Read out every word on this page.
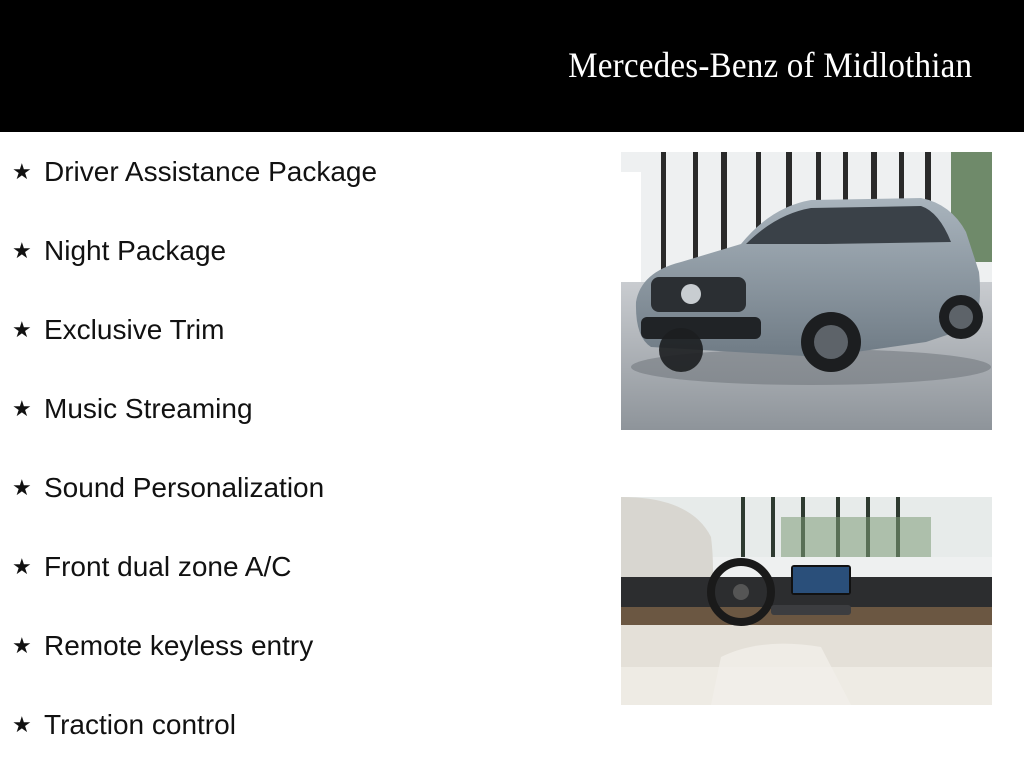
Mercedes-Benz of Midlothian
★ Driver Assistance Package
★ Night Package
★ Exclusive Trim
★ Music Streaming
★ Sound Personalization
★ Front dual zone A/C
★ Remote keyless entry
★ Traction control
